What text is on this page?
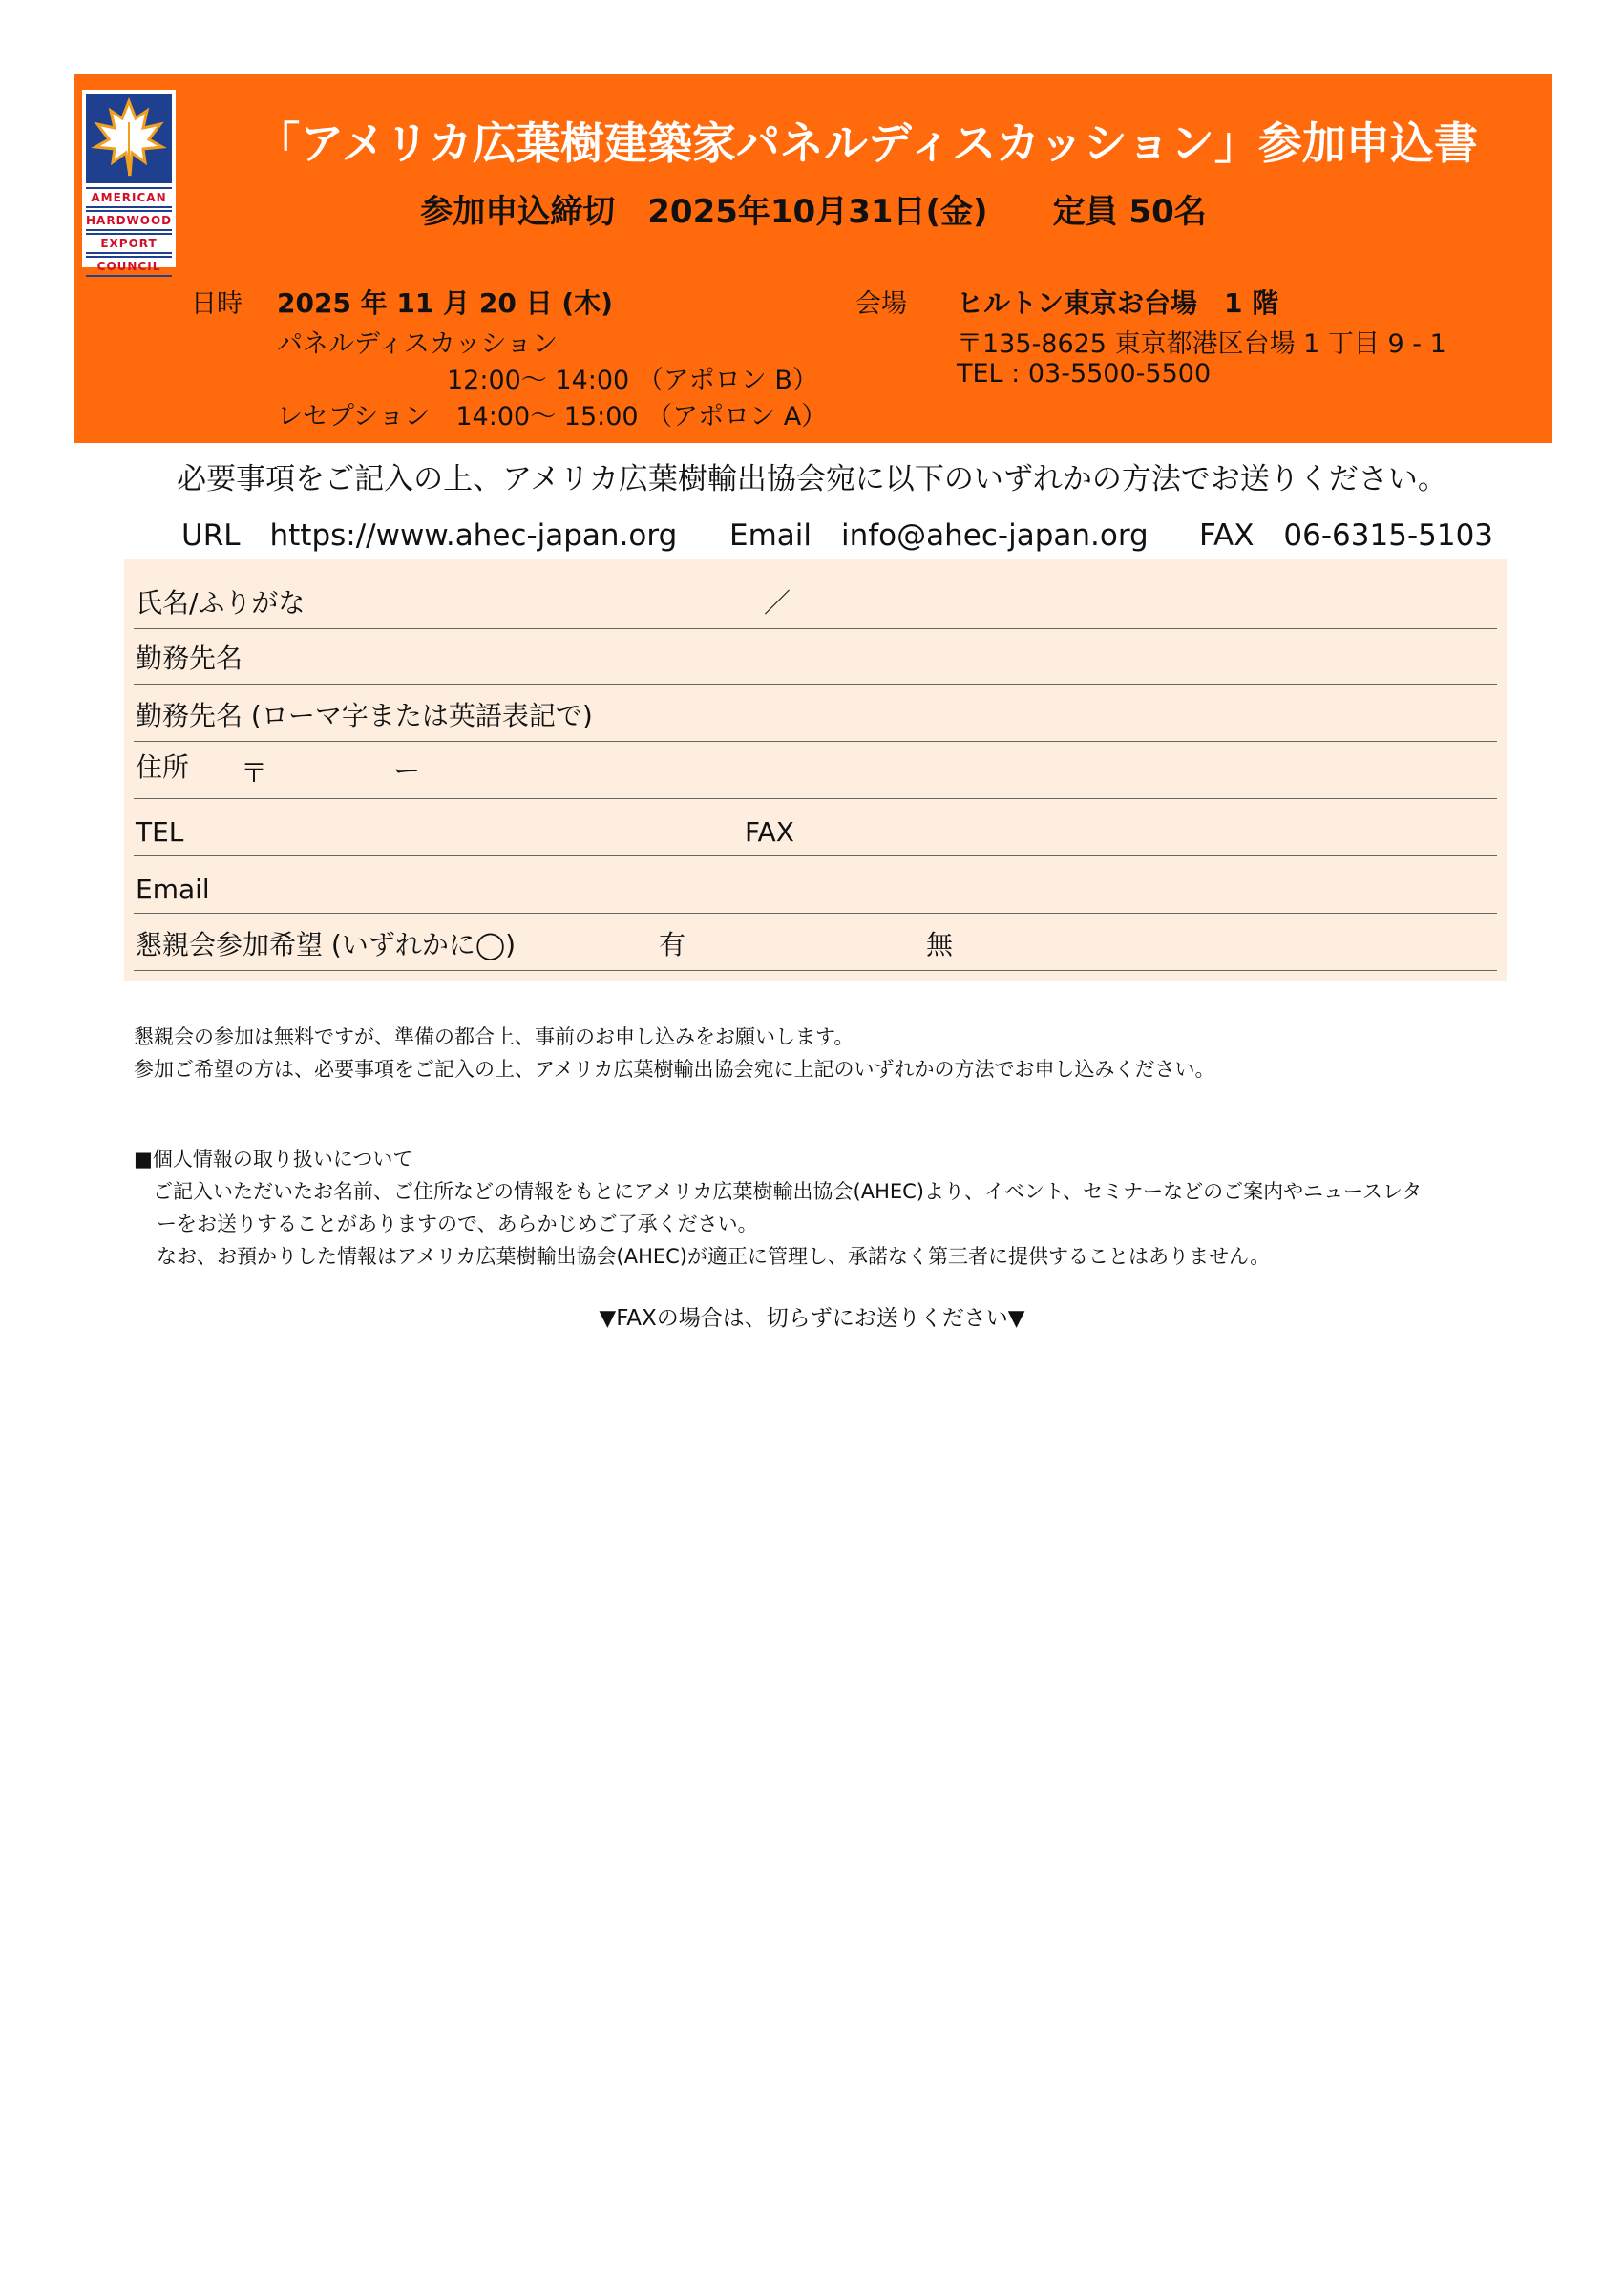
AMERICAN
HARDWOOD
EXPORT
COUNCIL
「アメリカ広葉樹建築家パネルディスカッション」参加申込書
参加申込締切　2025年10月31日(金)　　定員 50名
日時 2025 年 11 月 20 日 (木)
パネルディスカッション
12:00～ 14:00 （アポロン B）
レセプション　14:00～ 15:00 （アポロン A）
会場 ヒルトン東京お台場　1 階
〒135-8625 東京都港区台場 1 丁目 9 - 1
TEL : 03-5500-5500
必要事項をご記入の上、アメリカ広葉樹輸出協会宛に以下のいずれかの方法でお送りください。
URL　https://www.ahec-japan.org Email　info@ahec-japan.org FAX　06-6315-5103
氏名/ふりがな	／
勤務先名
勤務先名 (ローマ字または英語表記で)
住所 〒	ー
TEL	FAX
Email
懇親会参加希望 (いずれかに◯)	有	無
懇親会の参加は無料ですが、準備の都合上、事前のお申し込みをお願いします。
参加ご希望の方は、必要事項をご記入の上、アメリカ広葉樹輸出協会宛に上記のいずれかの方法でお申し込みください。
■個人情報の取り扱いについて
ご記入いただいたお名前、ご住所などの情報をもとにアメリカ広葉樹輸出協会(AHEC)より、イベント、セミナーなどのご案内やニュースレタ
ーをお送りすることがありますので、あらかじめご了承ください。
なお、お預かりした情報はアメリカ広葉樹輸出協会(AHEC)が適正に管理し、承諾なく第三者に提供することはありません。
▼FAXの場合は、切らずにお送りください▼
